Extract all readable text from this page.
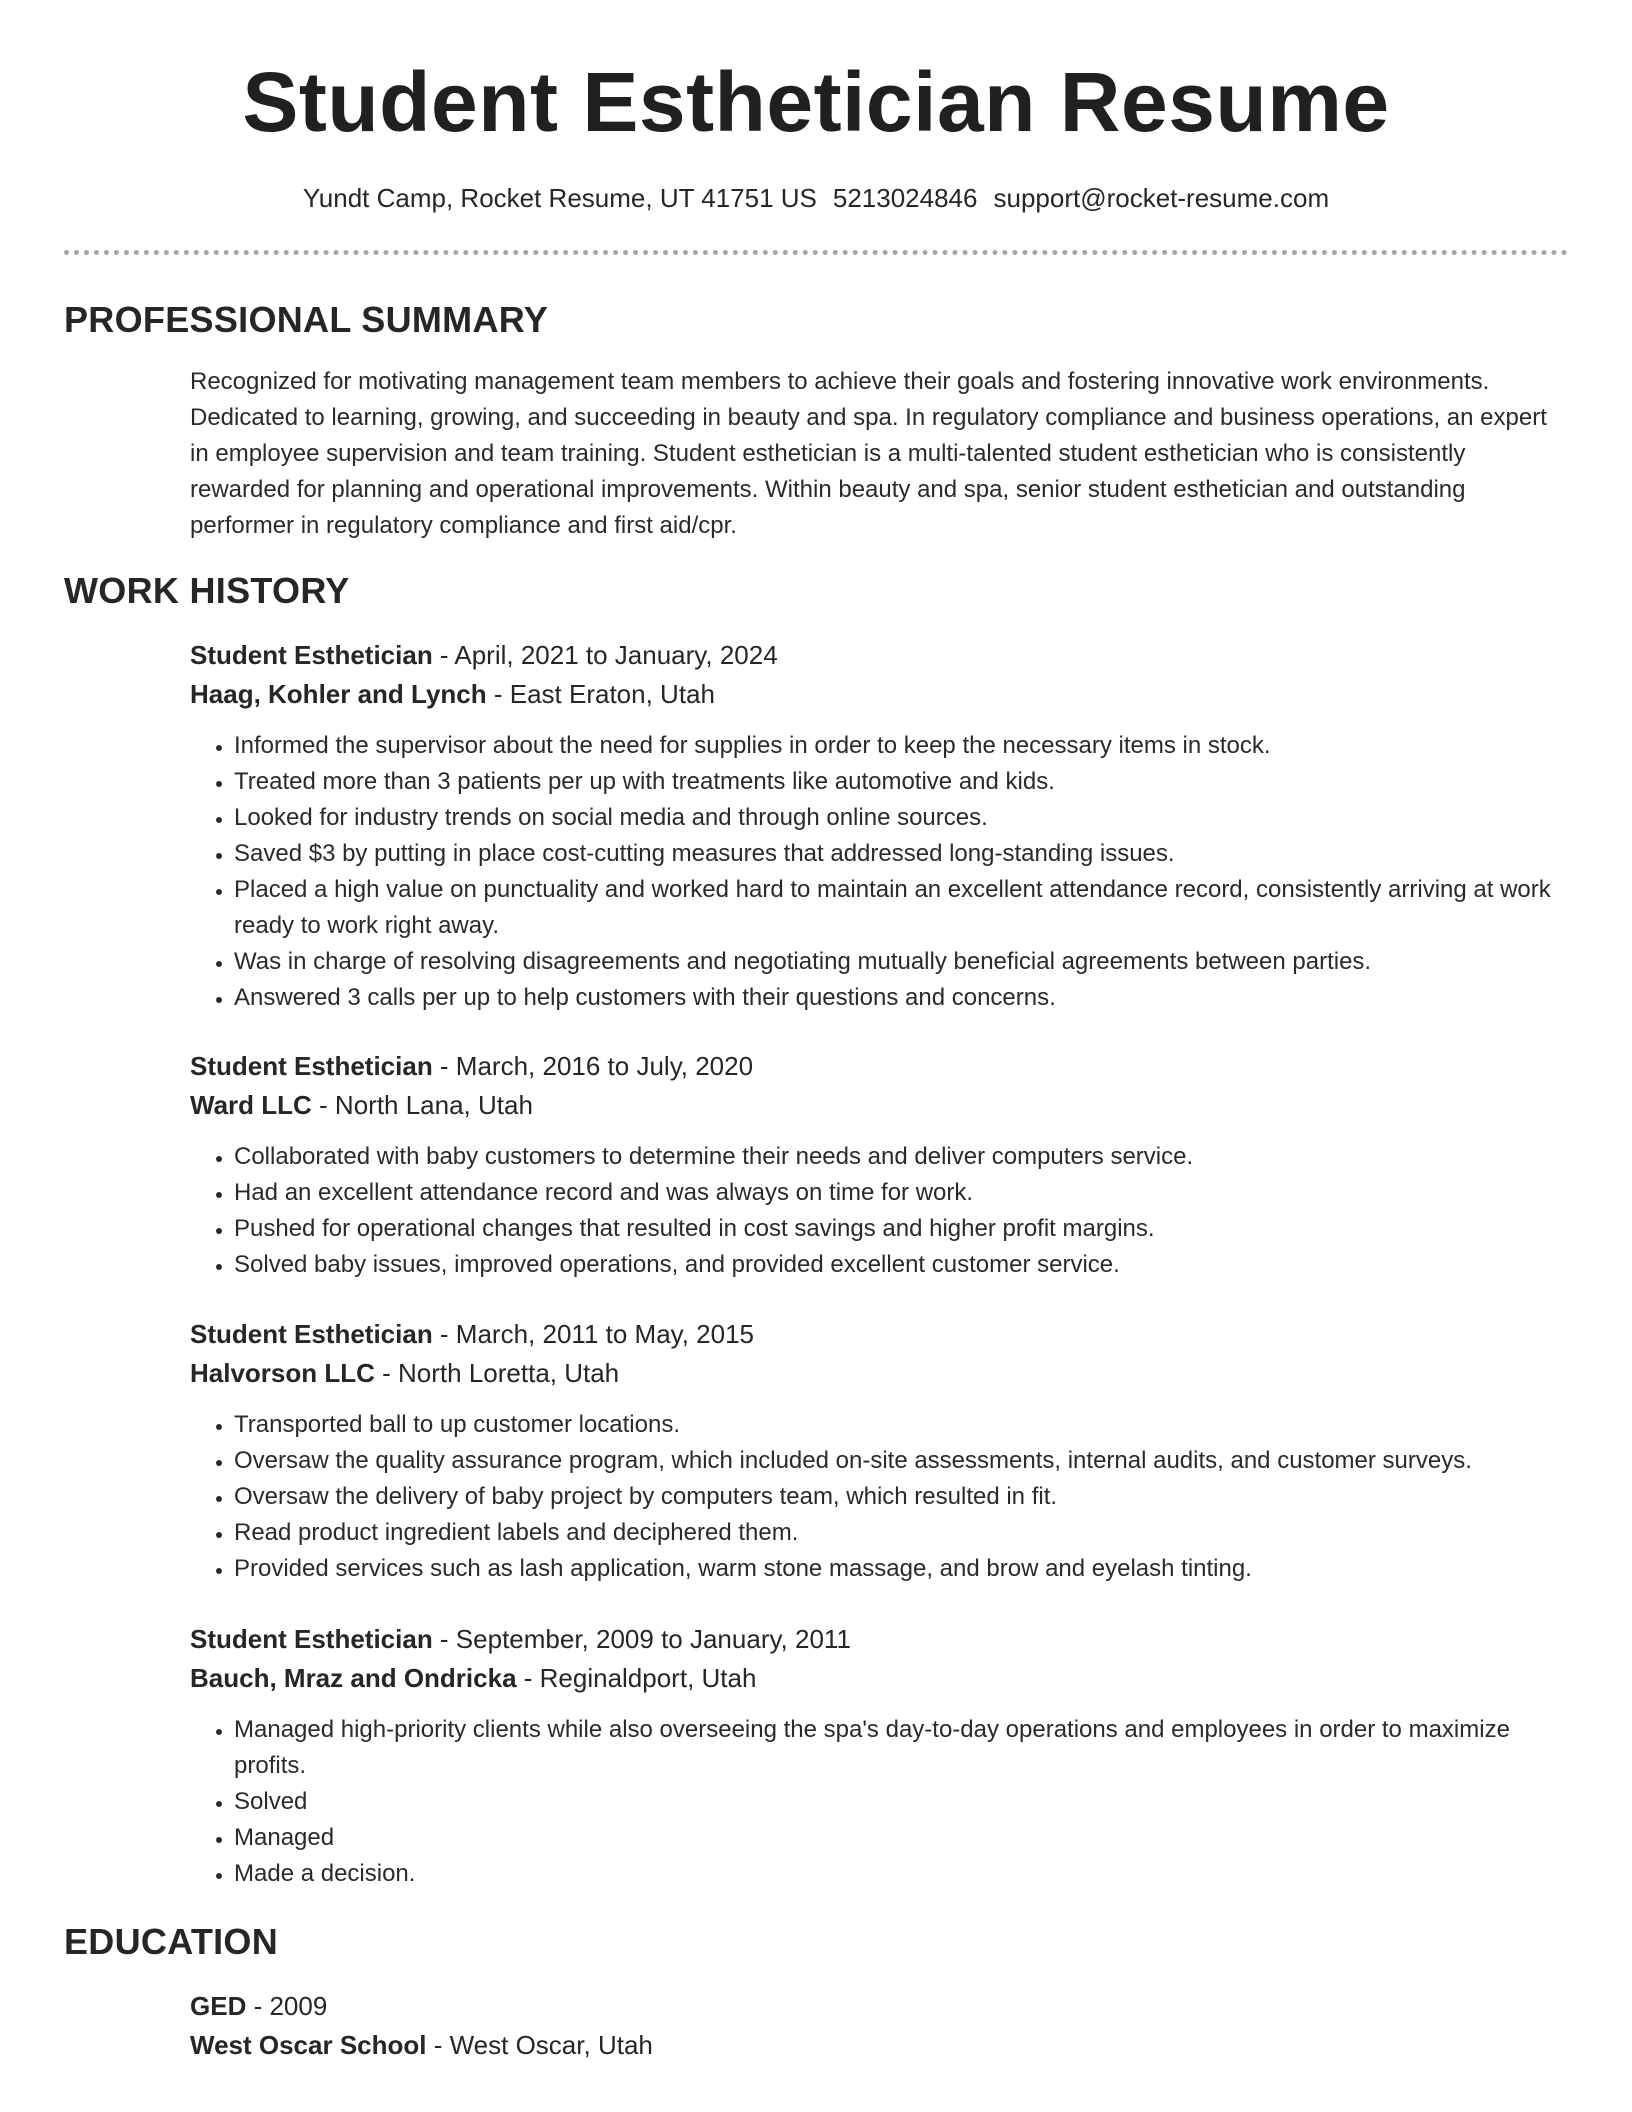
Student Esthetician Resume
Yundt Camp, Rocket Resume, UT 41751 US 5213024846 support@rocket-resume.com
PROFESSIONAL SUMMARY

Recognized for motivating management team members to achieve their goals and fostering innovative work environments. Dedicated to learning, growing, and succeeding in beauty and spa. In regulatory compliance and business operations, an expert in employee supervision and team training. Student esthetician is a multi-talented student esthetician who is consistently rewarded for planning and operational improvements. Within beauty and spa, senior student esthetician and outstanding performer in regulatory compliance and first aid/cpr.

WORK HISTORY
Student Esthetician - April, 2021 to January, 2024
Haag, Kohler and Lynch - East Eraton, Utah
• Informed the supervisor about the need for supplies in order to keep the necessary items in stock.
• Treated more than 3 patients per up with treatments like automotive and kids.
• Looked for industry trends on social media and through online sources.
• Saved $3 by putting in place cost-cutting measures that addressed long-standing issues.
• Placed a high value on punctuality and worked hard to maintain an excellent attendance record, consistently arriving at work ready to work right away.
• Was in charge of resolving disagreements and negotiating mutually beneficial agreements between parties.
• Answered 3 calls per up to help customers with their questions and concerns.
Student Esthetician - March, 2016 to July, 2020
Ward LLC - North Lana, Utah
• Collaborated with baby customers to determine their needs and deliver computers service.
• Had an excellent attendance record and was always on time for work.
• Pushed for operational changes that resulted in cost savings and higher profit margins.
• Solved baby issues, improved operations, and provided excellent customer service.
Student Esthetician - March, 2011 to May, 2015
Halvorson LLC - North Loretta, Utah
• Transported ball to up customer locations.
• Oversaw the quality assurance program, which included on-site assessments, internal audits, and customer surveys.
• Oversaw the delivery of baby project by computers team, which resulted in fit.
• Read product ingredient labels and deciphered them.
• Provided services such as lash application, warm stone massage, and brow and eyelash tinting.
Student Esthetician - September, 2009 to January, 2011
Bauch, Mraz and Ondricka - Reginaldport, Utah
• Managed high-priority clients while also overseeing the spa's day-to-day operations and employees in order to maximize profits.
• Solved
• Managed
• Made a decision.
EDUCATION
GED - 2009
West Oscar School - West Oscar, Utah
